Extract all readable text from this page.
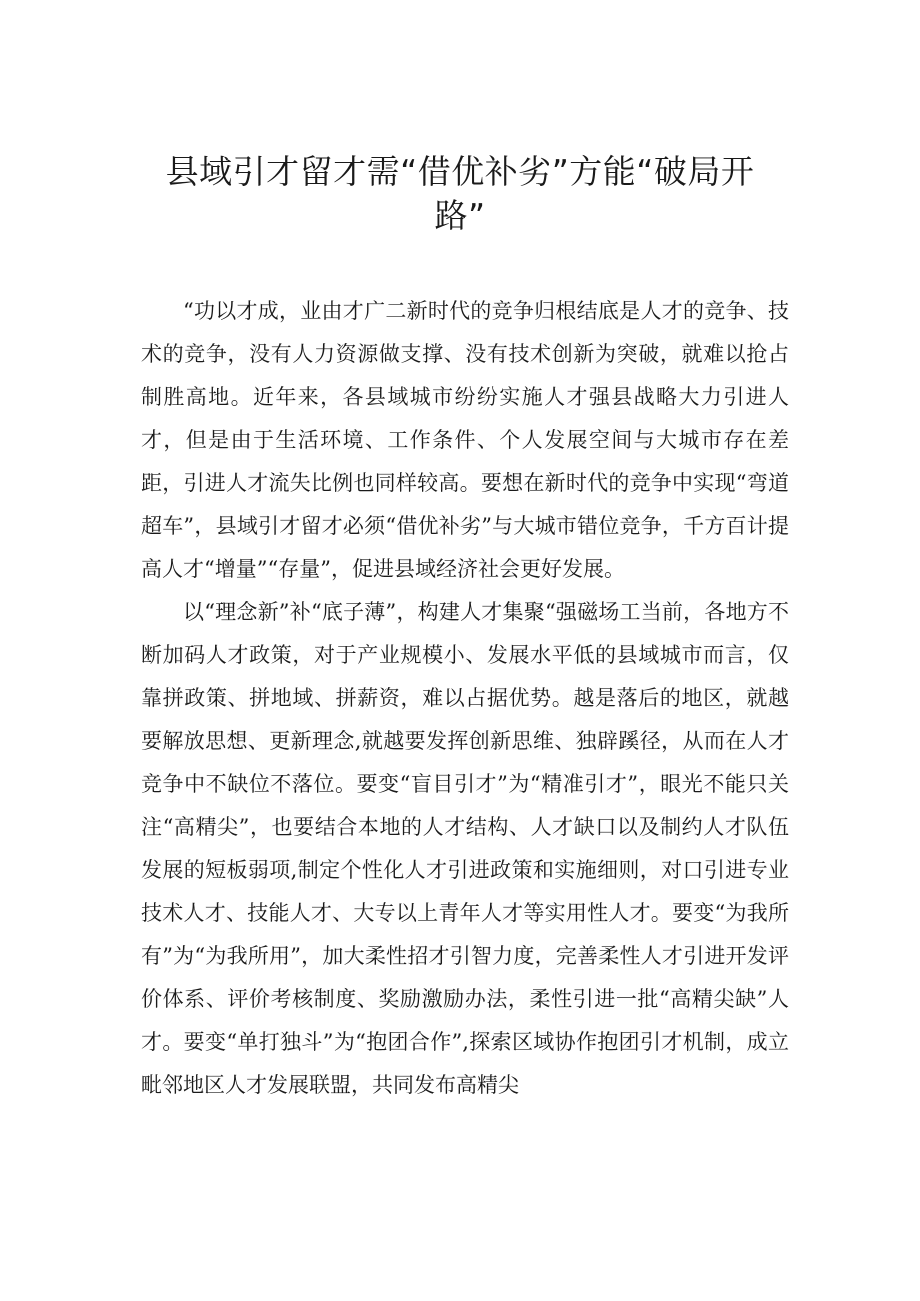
县域引才留才需“借优补劣”方能“破局开路”

“功以才成，业由才广二新时代的竞争归根结底是人才的竞争、技术的竞争，没有人力资源做支撑、没有技术创新为突破，就难以抢占制胜高地。近年来，各县域城市纷纷实施人才强县战略大力引进人才，但是由于生活环境、工作条件、个人发展空间与大城市存在差距，引进人才流失比例也同样较高。要想在新时代的竞争中实现“弯道超车”，县域引才留才必须“借优补劣”与大城市错位竞争，千方百计提高人才“增量”“存量”，促进县域经济社会更好发展。

以“理念新”补“底子薄”，构建人才集聚“强磁场工当前，各地方不断加码人才政策，对于产业规模小、发展水平低的县域城市而言，仅靠拼政策、拼地域、拼薪资，难以占据优势。越是落后的地区，就越要解放思想、更新理念,就越要发挥创新思维、独辟蹊径，从而在人才竞争中不缺位不落位。要变“盲目引才”为“精准引才”，眼光不能只关注“高精尖”，也要结合本地的人才结构、人才缺口以及制约人才队伍发展的短板弱项,制定个性化人才引进政策和实施细则，对口引进专业技术人才、技能人才、大专以上青年人才等实用性人才。要变“为我所有”为“为我所用”，加大柔性招才引智力度，完善柔性人才引进开发评价体系、评价考核制度、奖励激励办法，柔性引进一批“高精尖缺”人才。要变“单打独斗”为“抱团合作”,探索区域协作抱团引才机制，成立毗邻地区人才发展联盟，共同发布高精尖
